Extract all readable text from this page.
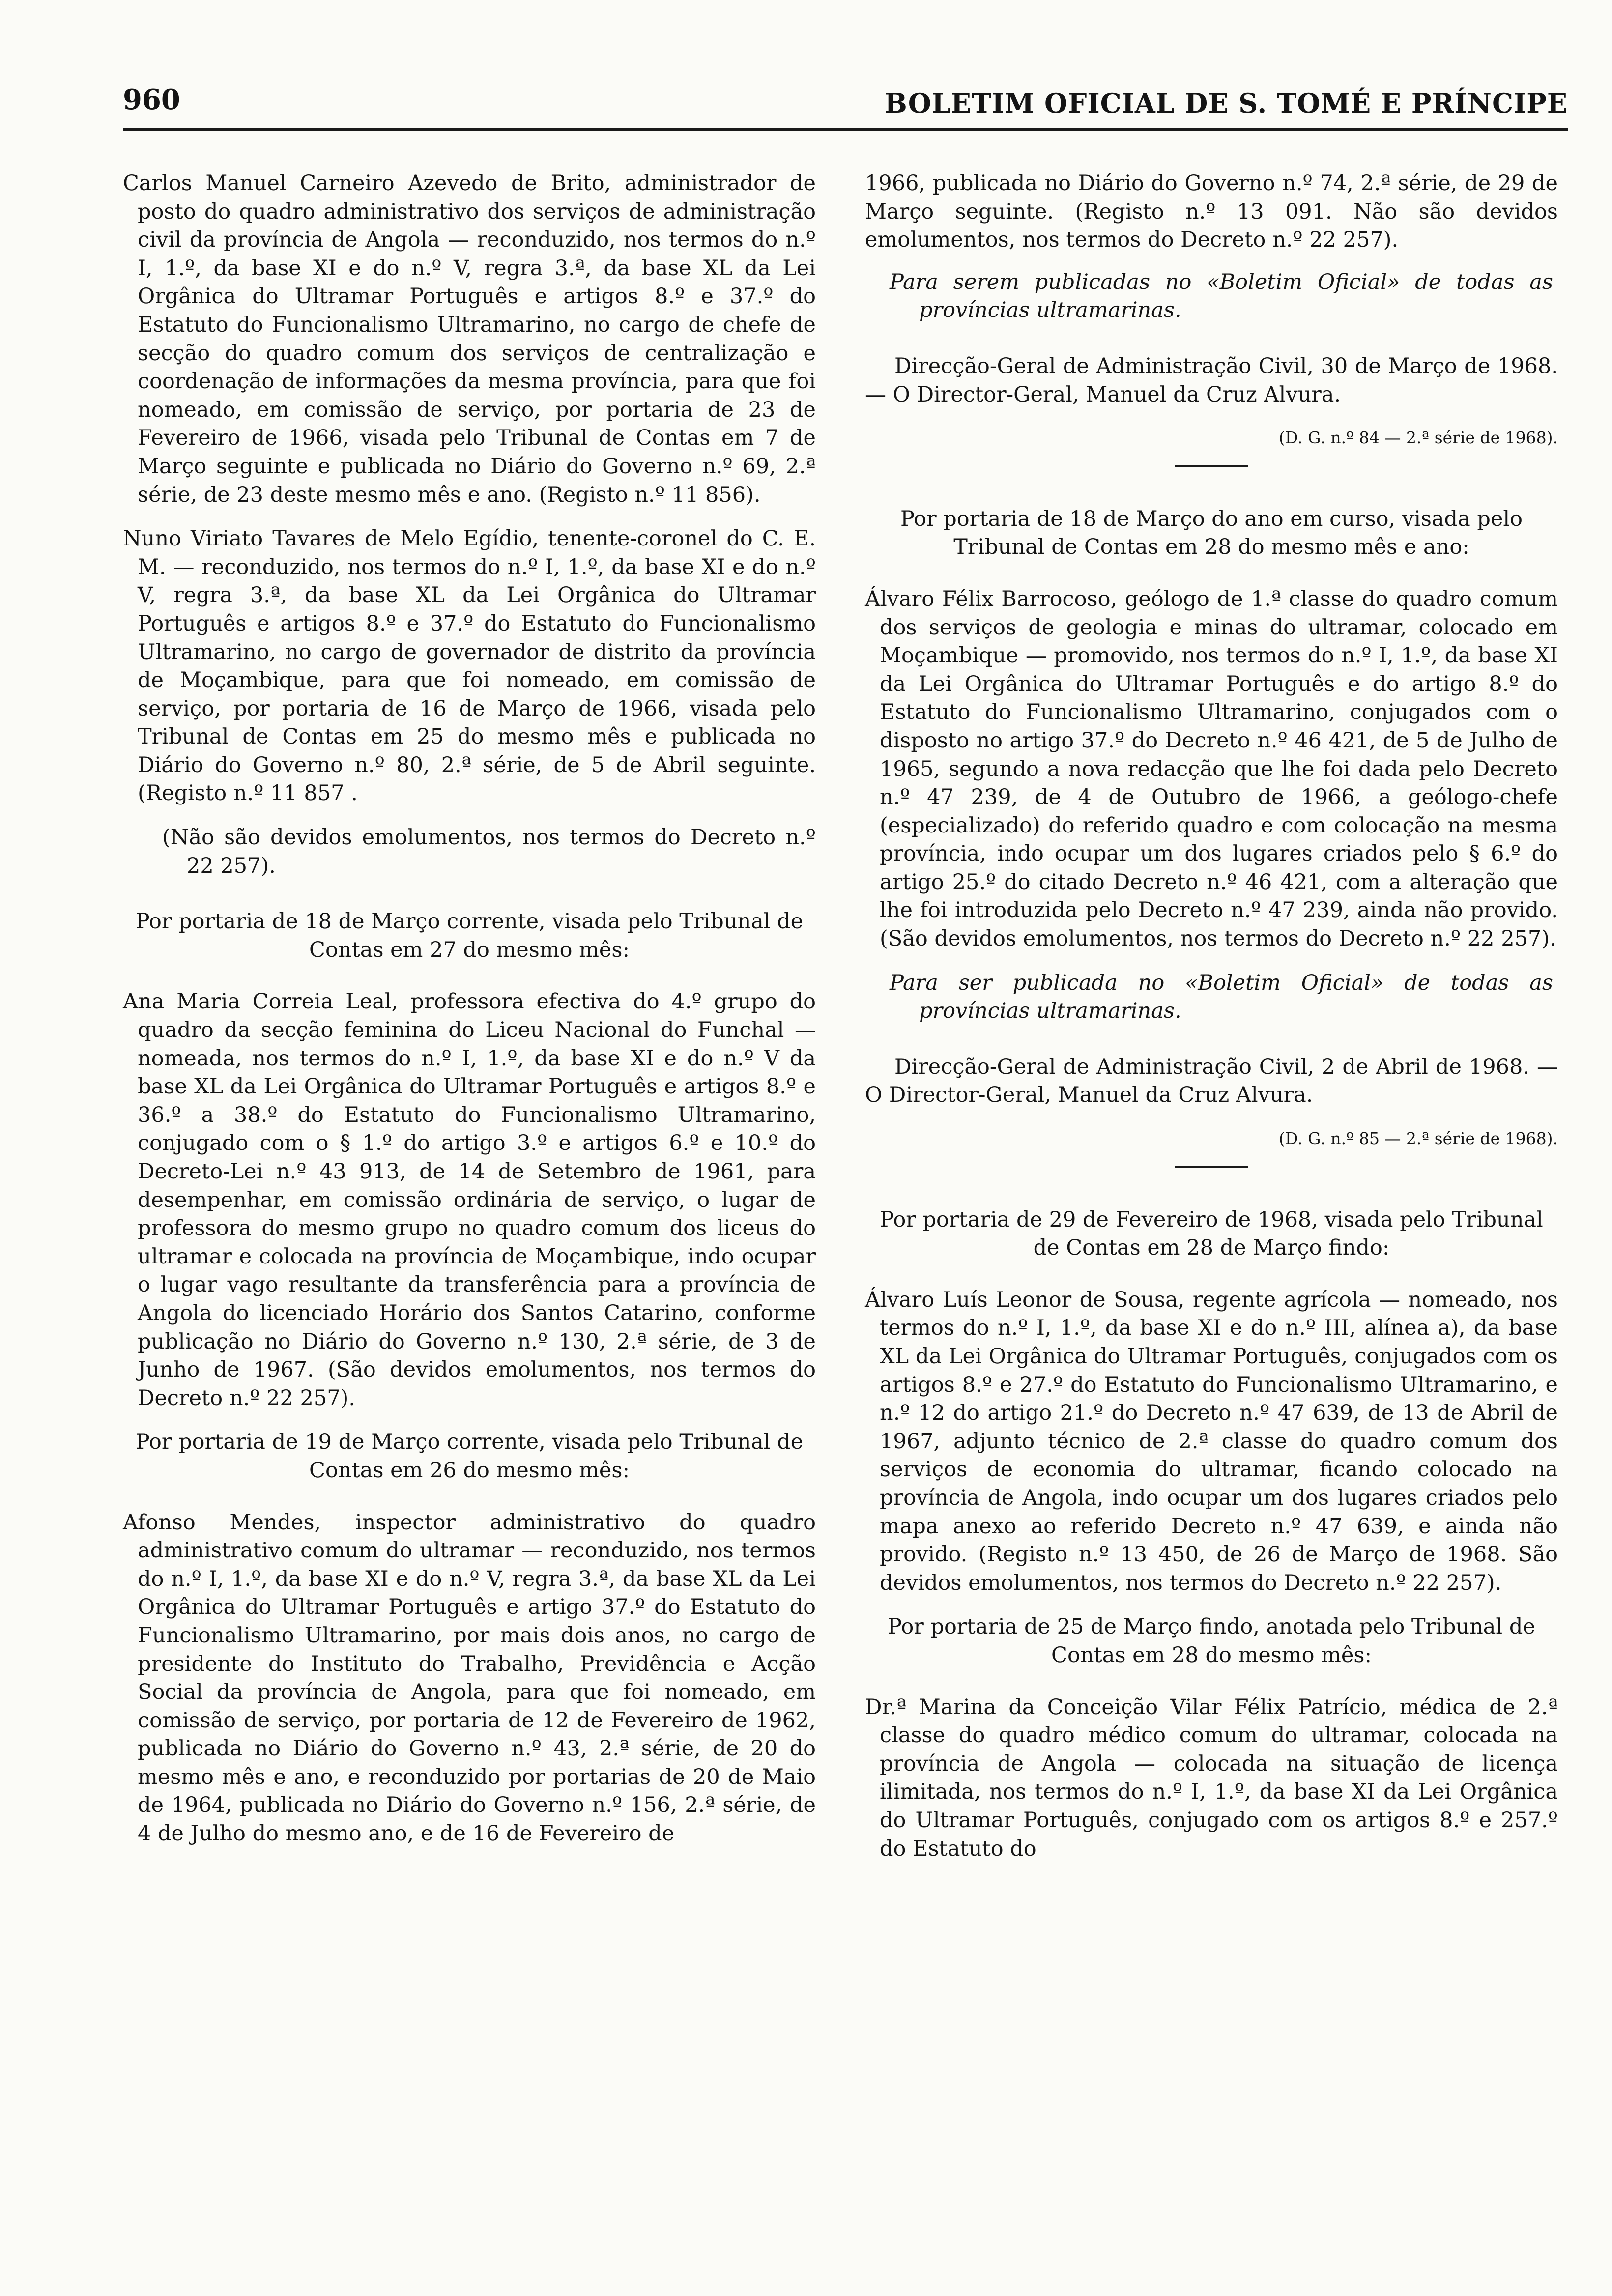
960	BOLETIM OFICIAL DE S. TOMÉ E PRÍNCIPE

Carlos Manuel Carneiro Azevedo de Brito, administrador de posto do quadro administrativo dos serviços de administração civil da província de Angola — reconduzido, nos termos do n.º I, 1.º, da base XI e do n.º V, regra 3.ª, da base XL da Lei Orgânica do Ultramar Português e artigos 8.º e 37.º do Estatuto do Funcionalismo Ultramarino, no cargo de chefe de secção do quadro comum dos serviços de centralização e coordenação de informações da mesma província, para que foi nomeado, em comissão de serviço, por portaria de 23 de Fevereiro de 1966, visada pelo Tribunal de Contas em 7 de Março seguinte e publicada no Diário do Governo n.º 69, 2.ª série, de 23 deste mesmo mês e ano. (Registo n.º 11 856).

Nuno Viriato Tavares de Melo Egídio, tenente-coronel do C. E. M. — reconduzido, nos termos do n.º I, 1.º, da base XI e do n.º V, regra 3.ª, da base XL da Lei Orgânica do Ultramar Português e artigos 8.º e 37.º do Estatuto do Funcionalismo Ultramarino, no cargo de governador de distrito da província de Moçambique, para que foi nomeado, em comissão de serviço, por portaria de 16 de Março de 1966, visada pelo Tribunal de Contas em 25 do mesmo mês e publicada no Diário do Governo n.º 80, 2.ª série, de 5 de Abril seguinte. (Registo n.º 11 857 .

(Não são devidos emolumentos, nos termos do Decreto n.º 22 257).

Por portaria de 18 de Março corrente, visada pelo Tribunal de Contas em 27 do mesmo mês:

Ana Maria Correia Leal, professora efectiva do 4.º grupo do quadro da secção feminina do Liceu Nacional do Funchal — nomeada, nos termos do n.º I, 1.º, da base XI e do n.º V da base XL da Lei Orgânica do Ultramar Português e artigos 8.º e 36.º a 38.º do Estatuto do Funcionalismo Ultramarino, conjugado com o § 1.º do artigo 3.º e artigos 6.º e 10.º do Decreto-Lei n.º 43 913, de 14 de Setembro de 1961, para desempenhar, em comissão ordinária de serviço, o lugar de professora do mesmo grupo no quadro comum dos liceus do ultramar e colocada na província de Moçambique, indo ocupar o lugar vago resultante da transferência para a província de Angola do licenciado Horário dos Santos Catarino, conforme publicação no Diário do Governo n.º 130, 2.ª série, de 3 de Junho de 1967. (São devidos emolumentos, nos termos do Decreto n.º 22 257).

Por portaria de 19 de Março corrente, visada pelo Tribunal de Contas em 26 do mesmo mês:

Afonso Mendes, inspector administrativo do quadro administrativo comum do ultramar — reconduzido, nos termos do n.º I, 1.º, da base XI e do n.º V, regra 3.ª, da base XL da Lei Orgânica do Ultramar Português e artigo 37.º do Estatuto do Funcionalismo Ultramarino, por mais dois anos, no cargo de presidente do Instituto do Trabalho, Previdência e Acção Social da província de Angola, para que foi nomeado, em comissão de serviço, por portaria de 12 de Fevereiro de 1962, publicada no Diário do Governo n.º 43, 2.ª série, de 20 do mesmo mês e ano, e reconduzido por portarias de 20 de Maio de 1964, publicada no Diário do Governo n.º 156, 2.ª série, de 4 de Julho do mesmo ano, e de 16 de Fevereiro de

1966, publicada no Diário do Governo n.º 74, 2.ª série, de 29 de Março seguinte. (Registo n.º 13 091. Não são devidos emolumentos, nos termos do Decreto n.º 22 257).

Para serem publicadas no «Boletim Oficial» de todas as províncias ultramarinas.

Direcção-Geral de Administração Civil, 30 de Março de 1968. — O Director-Geral, Manuel da Cruz Alvura.

(D. G. n.º 84 — 2.ª série de 1968).

Por portaria de 18 de Março do ano em curso, visada pelo Tribunal de Contas em 28 do mesmo mês e ano:

Álvaro Félix Barrocoso, geólogo de 1.ª classe do quadro comum dos serviços de geologia e minas do ultramar, colocado em Moçambique — promovido, nos termos do n.º I, 1.º, da base XI da Lei Orgânica do Ultramar Português e do artigo 8.º do Estatuto do Funcionalismo Ultramarino, conjugados com o disposto no artigo 37.º do Decreto n.º 46 421, de 5 de Julho de 1965, segundo a nova redacção que lhe foi dada pelo Decreto n.º 47 239, de 4 de Outubro de 1966, a geólogo-chefe (especializado) do referido quadro e com colocação na mesma província, indo ocupar um dos lugares criados pelo § 6.º do artigo 25.º do citado Decreto n.º 46 421, com a alteração que lhe foi introduzida pelo Decreto n.º 47 239, ainda não provido. (São devidos emolumentos, nos termos do Decreto n.º 22 257).

Para ser publicada no «Boletim Oficial» de todas as províncias ultramarinas.

Direcção-Geral de Administração Civil, 2 de Abril de 1968. — O Director-Geral, Manuel da Cruz Alvura.

(D. G. n.º 85 — 2.ª série de 1968).

Por portaria de 29 de Fevereiro de 1968, visada pelo Tribunal de Contas em 28 de Março findo:

Álvaro Luís Leonor de Sousa, regente agrícola — nomeado, nos termos do n.º I, 1.º, da base XI e do n.º III, alínea a), da base XL da Lei Orgânica do Ultramar Português, conjugados com os artigos 8.º e 27.º do Estatuto do Funcionalismo Ultramarino, e n.º 12 do artigo 21.º do Decreto n.º 47 639, de 13 de Abril de 1967, adjunto técnico de 2.ª classe do quadro comum dos serviços de economia do ultramar, ficando colocado na província de Angola, indo ocupar um dos lugares criados pelo mapa anexo ao referido Decreto n.º 47 639, e ainda não provido. (Registo n.º 13 450, de 26 de Março de 1968. São devidos emolumentos, nos termos do Decreto n.º 22 257).

Por portaria de 25 de Março findo, anotada pelo Tribunal de Contas em 28 do mesmo mês:

Dr.ª Marina da Conceição Vilar Félix Patrício, médica de 2.ª classe do quadro médico comum do ultramar, colocada na província de Angola — colocada na situação de licença ilimitada, nos termos do n.º I, 1.º, da base XI da Lei Orgânica do Ultramar Português, conjugado com os artigos 8.º e 257.º do Estatuto do
